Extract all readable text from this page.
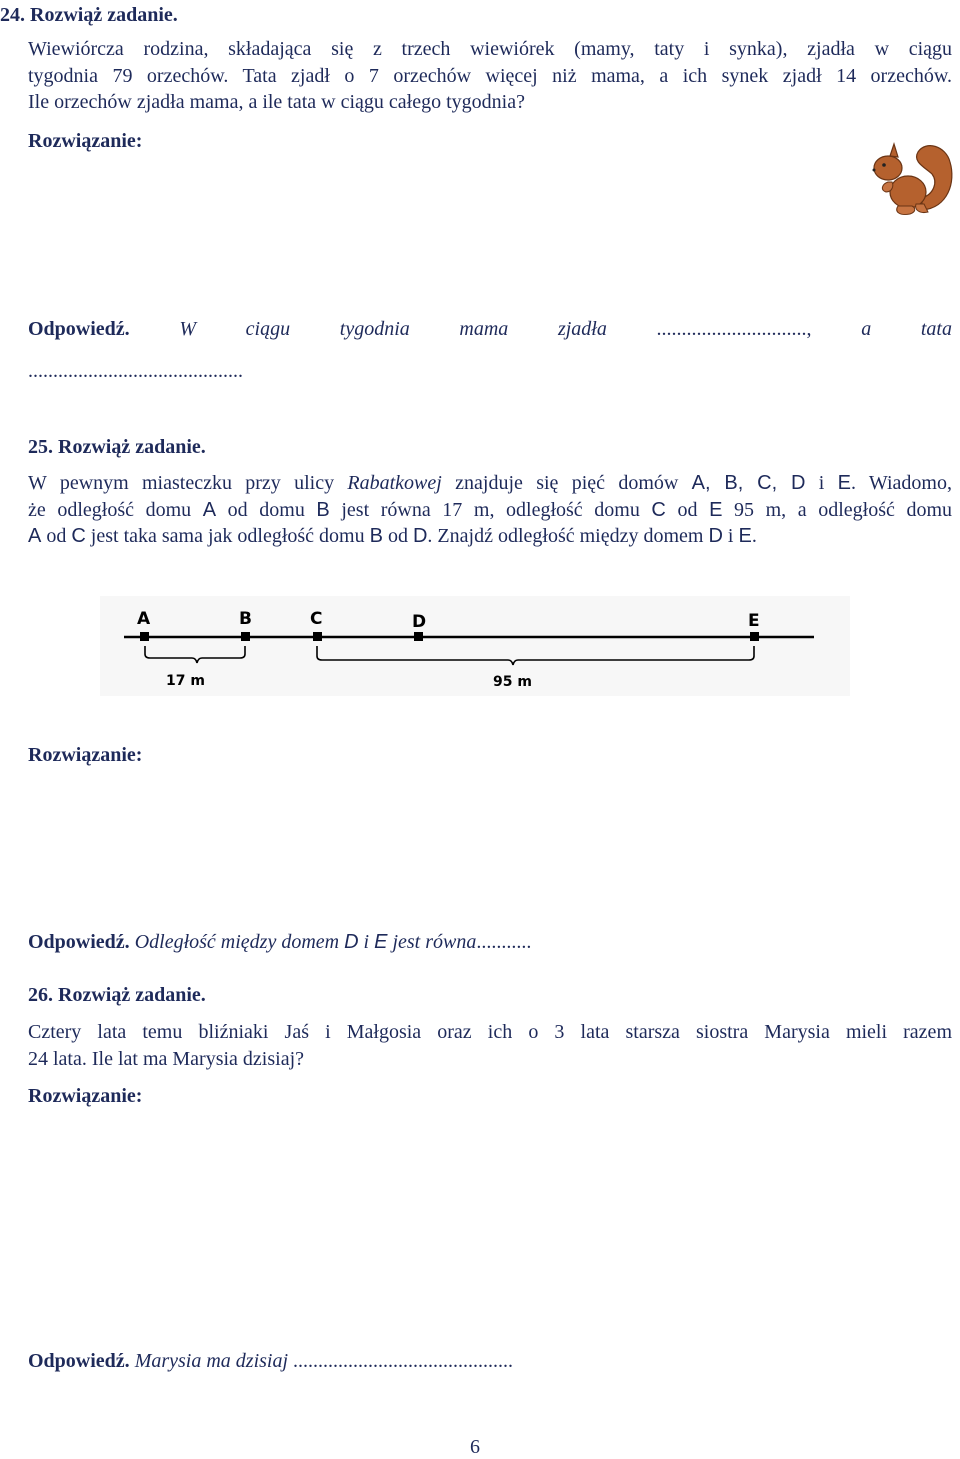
24. Rozwiąż zadanie.
Wiewiórcza rodzina, składająca się z trzech wiewiórek (mamy, taty i synka), zjadła w ciągu
tygodnia 79 orzechów. Tata zjadł o 7 orzechów więcej niż mama, a ich synek zjadł 14 orzechów.
Ile orzechów zjadła mama, a ile tata w ciągu całego tygodnia?
Rozwiązanie:
Odpowiedź. W ciągu tygodnia mama zjadła .............................., a tata
...........................................
25. Rozwiąż zadanie.
W pewnym miasteczku przy ulicy Rabatkowej znajduje się pięć domów A, B, C, D i E. Wiadomo,
że odległość domu A od domu B jest równa 17 m, odległość domu C od E 95 m, a odległość domu
A od C jest taka sama jak odległość domu B od D. Znajdź odległość między domem D i E.
A	B	C	D	E
17 m	95 m
Rozwiązanie:
Odpowiedź. Odległość między domem D i E jest równa...........
26. Rozwiąż zadanie.
Cztery lata temu bliźniaki Jaś i Małgosia oraz ich o 3 lata starsza siostra Marysia mieli razem
24 lata. Ile lat ma Marysia dzisiaj?
Rozwiązanie:
Odpowiedź. Marysia ma dzisiaj ............................................
6
